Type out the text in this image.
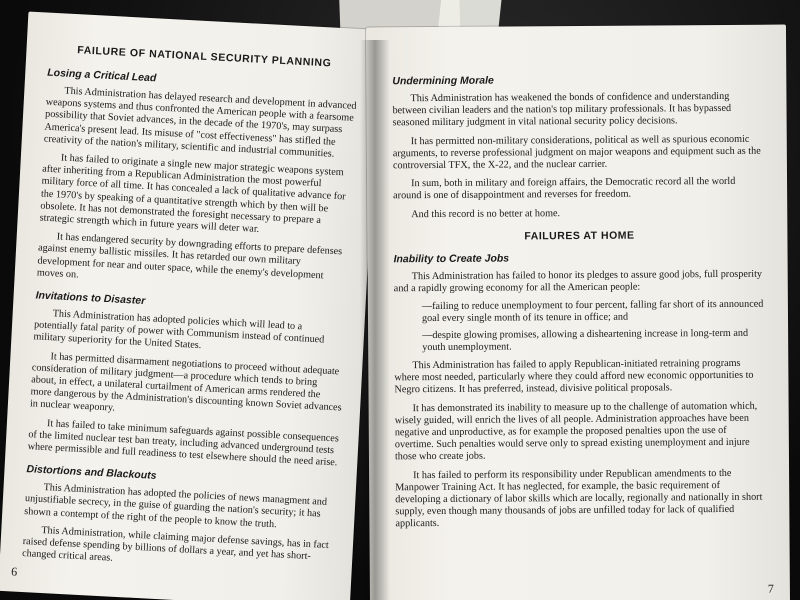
FAILURE OF NATIONAL SECURITY PLANNING
Losing a Critical Lead

This Administration has delayed research and development in advanced weapons systems and thus confronted the American people with a fearsome possibility that Soviet advances, in the decade of the 1970's, may surpass America's present lead. Its misuse of "cost effectiveness" has stifled the creativity of the nation's military, scientific and industrial communities.

It has failed to originate a single new major strategic weapons system after inheriting from a Republican Administration the most powerful military force of all time. It has concealed a lack of qualitative advance for the 1970's by speaking of a quantitative strength which by then will be obsolete. It has not demonstrated the foresight necessary to prepare a strategic strength which in future years will deter war.

It has endangered security by downgrading efforts to prepare defenses against enemy ballistic missiles. It has retarded our own military development for near and outer space, while the enemy's development moves on.

Invitations to Disaster

This Administration has adopted policies which will lead to a potentially fatal parity of power with Communism instead of continued military superiority for the United States.

It has permitted disarmament negotiations to proceed without adequate consideration of military judgment—a procedure which tends to bring about, in effect, a unilateral curtailment of American arms rendered the more dangerous by the Administration's discounting known Soviet advances in nuclear weaponry.

It has failed to take minimum safeguards against possible consequences of the limited nuclear test ban treaty, including advanced underground tests where permissible and full readiness to test elsewhere should the need arise.

Distortions and Blackouts

This Administration has adopted the policies of news managment and unjustifiable secrecy, in the guise of guarding the nation's security; it has shown a contempt of the right of the people to know the truth.

This Administration, while claiming major defense savings, has in fact raised defense spending by billions of dollars a year, and yet has short-changed critical areas.

6
Undermining Morale

This Administration has weakened the bonds of confidence and understanding between civilian leaders and the nation's top military professionals. It has bypassed seasoned military judgment in vital national security policy decisions.

It has permitted non-military considerations, political as well as spurious economic arguments, to reverse professional judgment on major weapons and equipment such as the controversial TFX, the X-22, and the nuclear carrier.

In sum, both in military and foreign affairs, the Democratic record all the world around is one of disappointment and reverses for freedom.

And this record is no better at home.

FAILURES AT HOME
Inability to Create Jobs

This Administration has failed to honor its pledges to assure good jobs, full prosperity and a rapidly growing economy for all the American people:

—failing to reduce unemployment to four percent, falling far short of its announced goal every single month of its tenure in office; and
—despite glowing promises, allowing a disheartening increase in long-term and youth unemployment.

This Administration has failed to apply Republican-initiated retraining programs where most needed, particularly where they could afford new economic opportunities to Negro citizens. It has preferred, instead, divisive political proposals.

It has demonstrated its inability to measure up to the challenge of automation which, wisely guided, will enrich the lives of all people. Administration approaches have been negative and unproductive, as for example the proposed penalties upon the use of overtime. Such penalties would serve only to spread existing unemployment and injure those who create jobs.

It has failed to perform its responsibility under Republican amendments to the Manpower Training Act. It has neglected, for example, the basic requirement of developing a dictionary of labor skills which are locally, regionally and nationally in short supply, even though many thousands of jobs are unfilled today for lack of qualified applicants.

7
